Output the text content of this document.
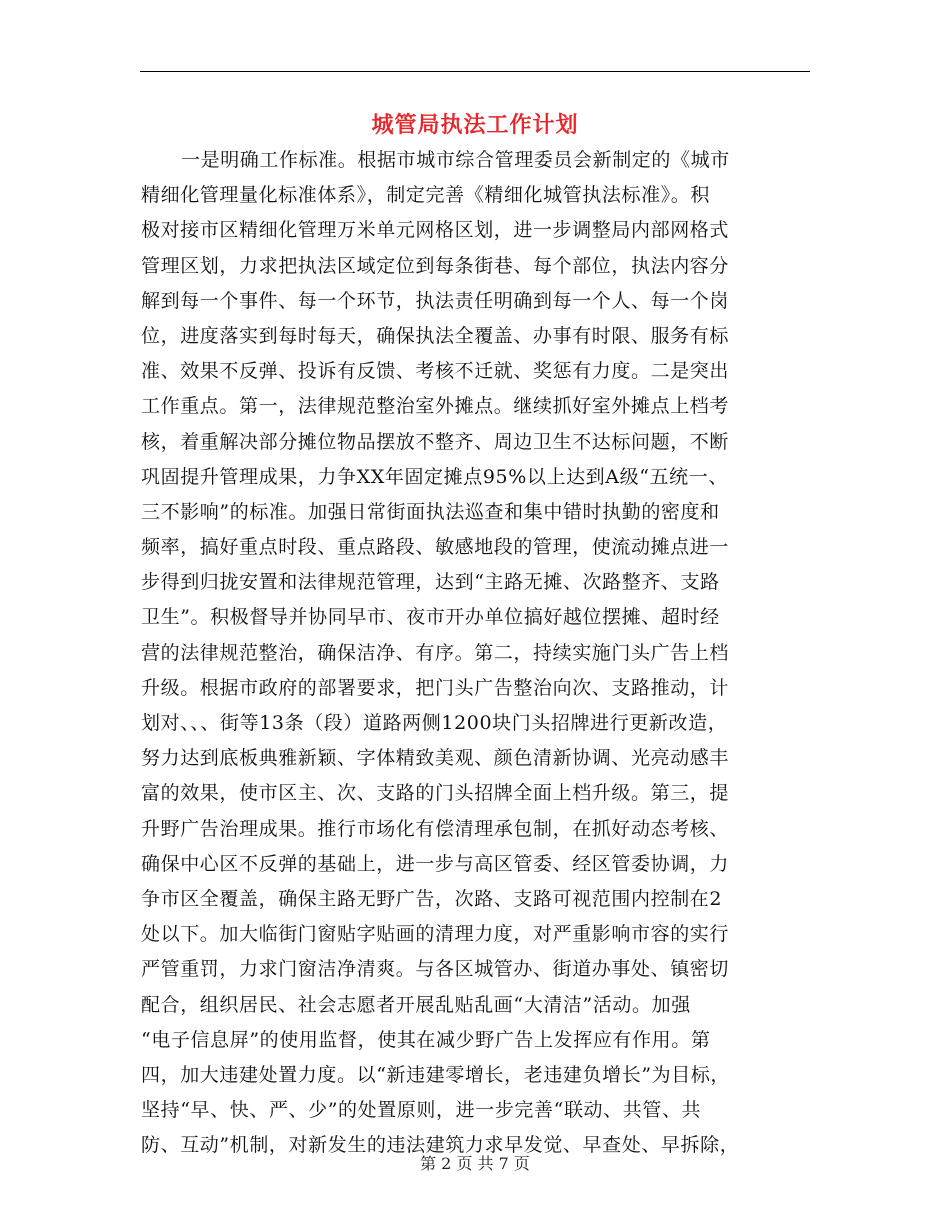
城管局执法工作计划
一是明确工作标准。根据市城市综合管理委员会新制定的《城市
精细化管理量化标准体系》，制定完善《精细化城管执法标准》。积
极对接市区精细化管理万米单元网格区划，进一步调整局内部网格式
管理区划，力求把执法区域定位到每条街巷、每个部位，执法内容分
解到每一个事件、每一个环节，执法责任明确到每一个人、每一个岗
位，进度落实到每时每天，确保执法全覆盖、办事有时限、服务有标
准、效果不反弹、投诉有反馈、考核不迁就、奖惩有力度。二是突出
工作重点。第一，法律规范整治室外摊点。继续抓好室外摊点上档考
核，着重解决部分摊位物品摆放不整齐、周边卫生不达标问题，不断
巩固提升管理成果，力争XX年固定摊点95%以上达到A级“五统一、
三不影响”的标准。加强日常街面执法巡查和集中错时执勤的密度和
频率，搞好重点时段、重点路段、敏感地段的管理，使流动摊点进一
步得到归拢安置和法律规范管理，达到“主路无摊、次路整齐、支路
卫生”。积极督导并协同早市、夜市开办单位搞好越位摆摊、超时经
营的法律规范整治，确保洁净、有序。第二，持续实施门头广告上档
升级。根据市政府的部署要求，把门头广告整治向次、支路推动，计
划对、、、街等13条（段）道路两侧1200块门头招牌进行更新改造，
努力达到底板典雅新颖、字体精致美观、颜色清新协调、光亮动感丰
富的效果，使市区主、次、支路的门头招牌全面上档升级。第三，提
升野广告治理成果。推行市场化有偿清理承包制，在抓好动态考核、
确保中心区不反弹的基础上，进一步与高区管委、经区管委协调，力
争市区全覆盖，确保主路无野广告，次路、支路可视范围内控制在2
处以下。加大临街门窗贴字贴画的清理力度，对严重影响市容的实行
严管重罚，力求门窗洁净清爽。与各区城管办、街道办事处、镇密切
配合，组织居民、社会志愿者开展乱贴乱画“大清洁”活动。加强
“电子信息屏”的使用监督，使其在减少野广告上发挥应有作用。第
四，加大违建处置力度。以“新违建零增长，老违建负增长”为目标，
坚持“早、快、严、少”的处置原则，进一步完善“联动、共管、共
防、互动”机制，对新发生的违法建筑力求早发觉、早查处、早拆除，
第 2 页 共 7 页
